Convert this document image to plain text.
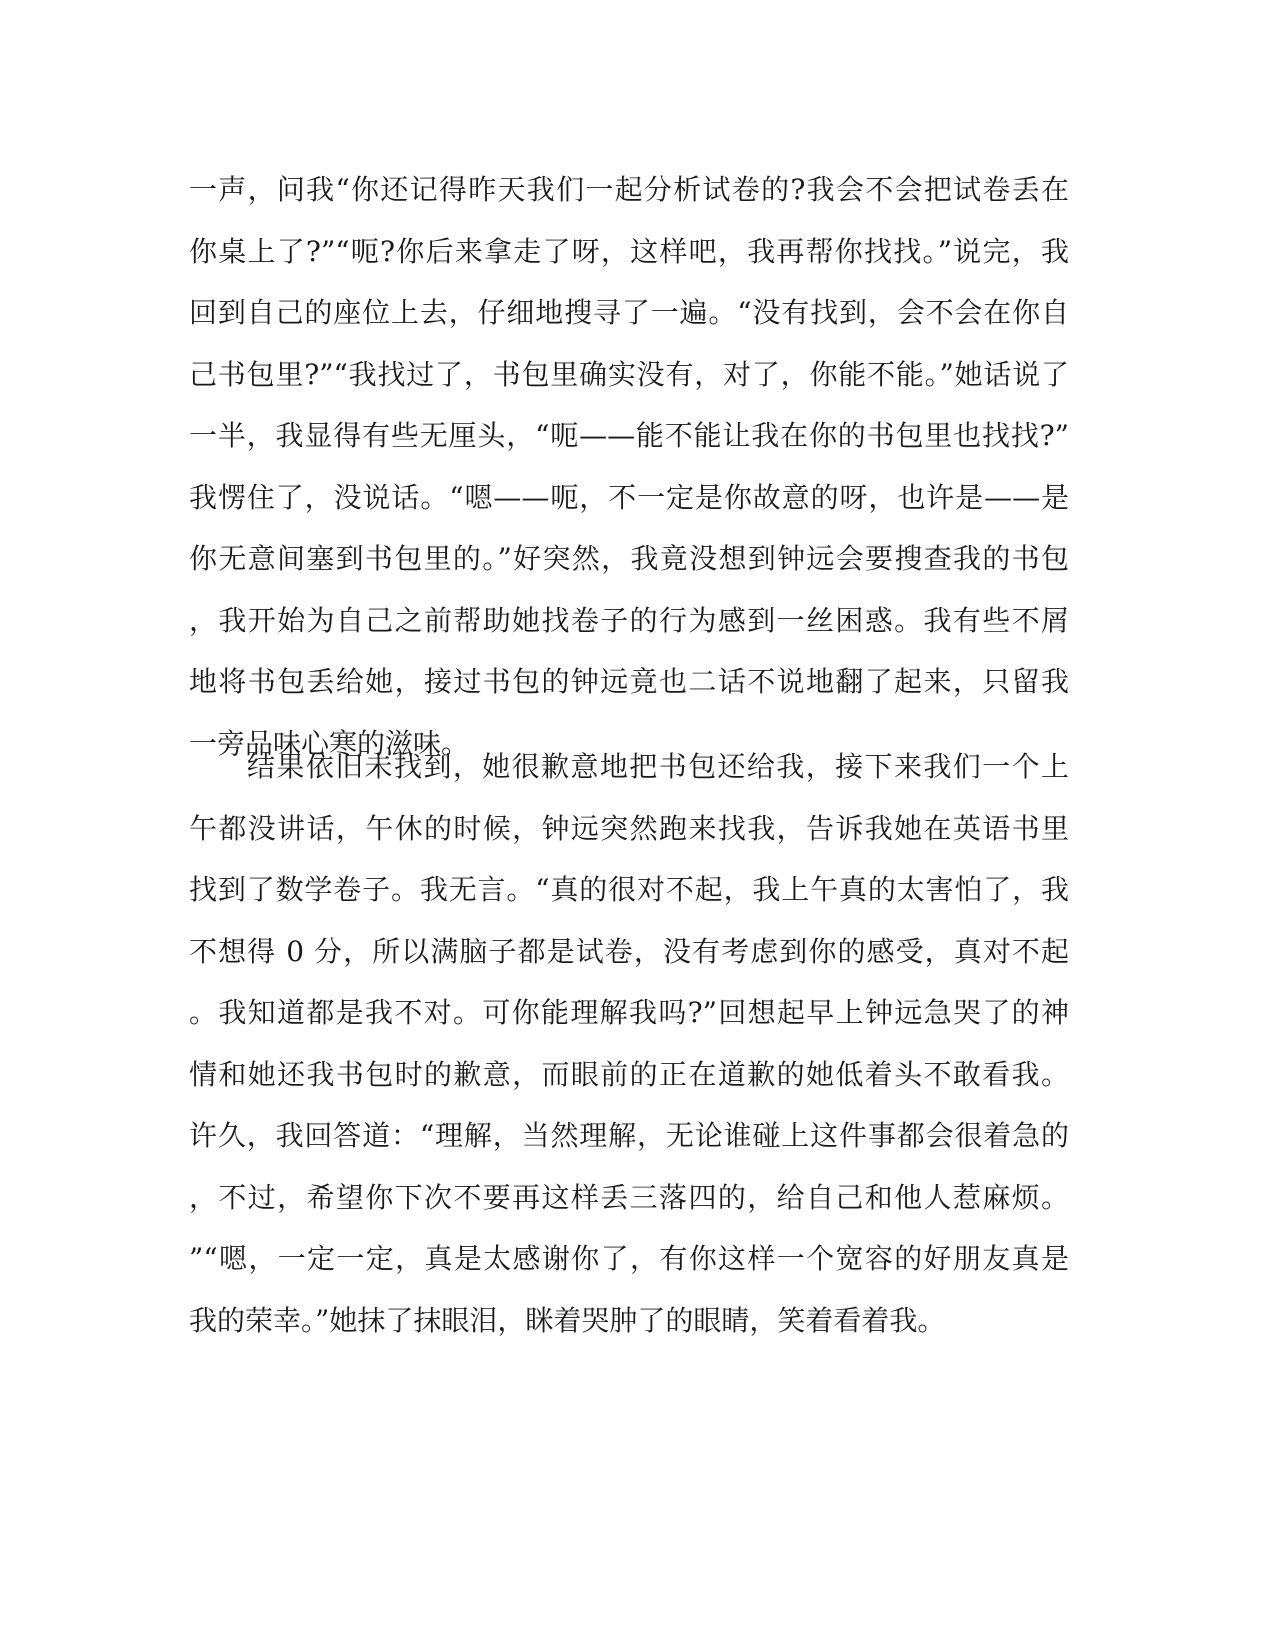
一声，问我“你还记得昨天我们一起分析试卷的?我会不会把试卷丢在
你桌上了?”“呃?你后来拿走了呀，这样吧，我再帮你找找。”说完，我
回到自己的座位上去，仔细地搜寻了一遍。“没有找到，会不会在你自
己书包里?”“我找过了，书包里确实没有，对了，你能不能。”她话说了
一半，我显得有些无厘头，“呃——能不能让我在你的书包里也找找?”
我愣住了，没说话。“嗯——呃，不一定是你故意的呀，也许是——是
你无意间塞到书包里的。”好突然，我竟没想到钟远会要搜查我的书包
，我开始为自己之前帮助她找卷子的行为感到一丝困惑。我有些不屑
地将书包丢给她，接过书包的钟远竟也二话不说地翻了起来，只留我
一旁品味心寒的滋味。
结果依旧未找到，她很歉意地把书包还给我，接下来我们一个上
午都没讲话，午休的时候，钟远突然跑来找我，告诉我她在英语书里
找到了数学卷子。我无言。“真的很对不起，我上午真的太害怕了，我
不想得 0 分，所以满脑子都是试卷，没有考虑到你的感受，真对不起
。我知道都是我不对。可你能理解我吗?”回想起早上钟远急哭了的神
情和她还我书包时的歉意，而眼前的正在道歉的她低着头不敢看我。
许久，我回答道：“理解，当然理解，无论谁碰上这件事都会很着急的
，不过，希望你下次不要再这样丢三落四的，给自己和他人惹麻烦。
”“嗯，一定一定，真是太感谢你了，有你这样一个宽容的好朋友真是
我的荣幸。”她抹了抹眼泪，眯着哭肿了的眼睛，笑着看着我。
